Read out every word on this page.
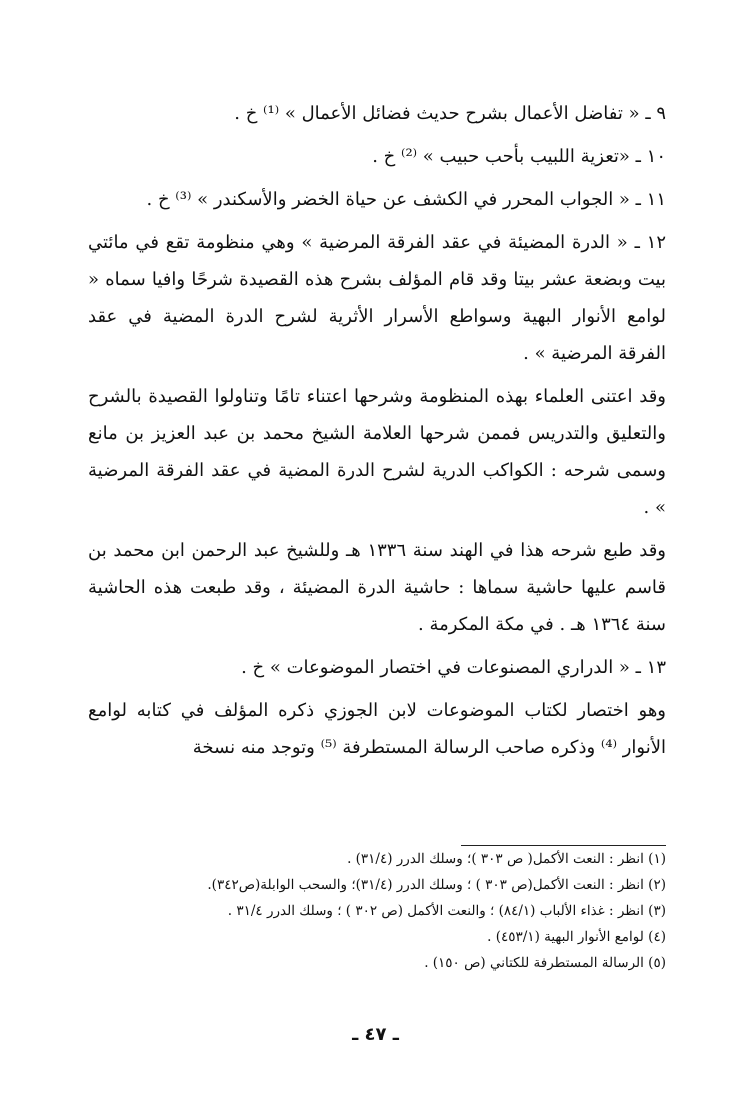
٩ ـ « تفاضل الأعمال بشرح حديث فضائل الأعمال » ⁽¹⁾ خ .

١٠ ـ «تعزية اللبيب بأحب حبيب » ⁽²⁾ خ .

١١ ـ « الجواب المحرر في الكشف عن حياة الخضر والأسكندر » ⁽³⁾ خ .

١٢ ـ « الدرة المضيئة في عقد الفرقة المرضية » وهي منظومة تقع في مائتي بيت وبضعة عشر بيتا وقد قام المؤلف بشرح هذه القصيدة شرحًا وافيا سماه « لوامع الأنوار البهية وسواطع الأسرار الأثرية لشرح الدرة المضية في عقد الفرقة المرضية » .

وقد اعتنى العلماء بهذه المنظومة وشرحها اعتناء تامًا وتناولوا القصيدة بالشرح والتعليق والتدريس فممن شرحها العلامة الشيخ محمد بن عبد العزيز بن مانع وسمى شرحه : الكواكب الدرية لشرح الدرة المضية في عقد الفرقة المرضية » .

وقد طبع شرحه هذا في الهند سنة ١٣٣٦ هـ وللشيخ عبد الرحمن ابن محمد بن قاسم عليها حاشية سماها : حاشية الدرة المضيئة ، وقد طبعت هذه الحاشية سنة ١٣٦٤ هـ . في مكة المكرمة .

١٣ ـ « الدراري المصنوعات في اختصار الموضوعات » خ .

وهو اختصار لكتاب الموضوعات لابن الجوزي ذكره المؤلف في كتابه لوامع الأنوار ⁽⁴⁾ وذكره صاحب الرسالة المستطرفة ⁽⁵⁾ وتوجد منه نسخة

(١) انظر : النعت الأكمل( ص ٣٠٣ )؛ وسلك الدرر (٣١/٤) .

(٢) انظر : النعت الأكمل(ص ٣٠٣ ) ؛ وسلك الدرر (٣١/٤)؛ والسحب الوابلة(ص٣٤٢).

(٣) انظر : غذاء الألباب (٨٤/١) ؛ والنعت الأكمل (ص ٣٠٢ ) ؛ وسلك الدرر ٣١/٤ .

(٤) لوامع الأنوار البهية (٤٥٣/١) .

(٥) الرسالة المستطرفة للكتاني (ص ١٥٠) .

ـ ٤٧ ـ
